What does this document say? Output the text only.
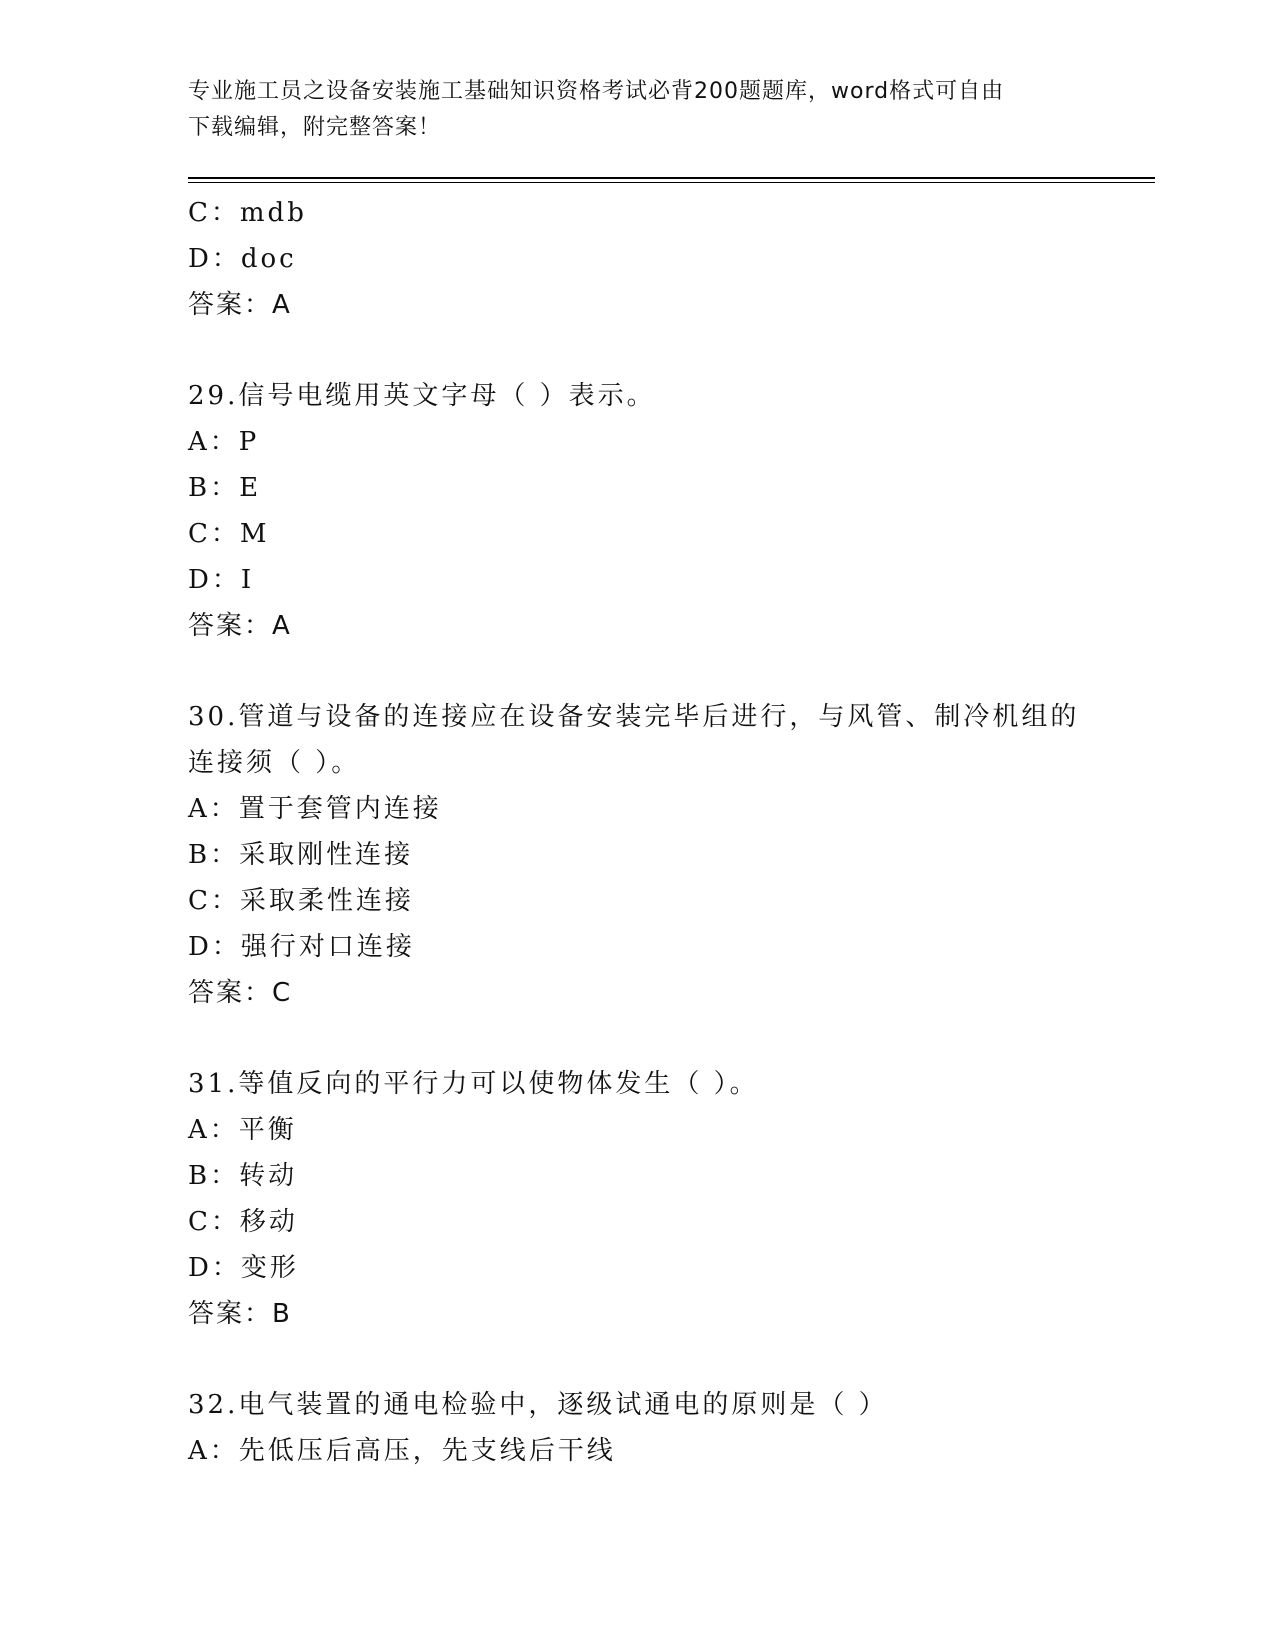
专业施工员之设备安装施工基础知识资格考试必背200题题库，word格式可自由
下载编辑，附完整答案！
C：mdb
D：doc
答案：A
29.信号电缆用英文字母（ ）表示。
A：P
B：E
C：M
D：I
答案：A
30.管道与设备的连接应在设备安装完毕后进行，与风管、制冷机组的
连接须（ ）。
A：置于套管内连接
B：采取刚性连接
C：采取柔性连接
D：强行对口连接
答案：C
31.等值反向的平行力可以使物体发生（ ）。
A：平衡
B：转动
C：移动
D：变形
答案：B
32.电气装置的通电检验中，逐级试通电的原则是（ ）
A：先低压后高压，先支线后干线
